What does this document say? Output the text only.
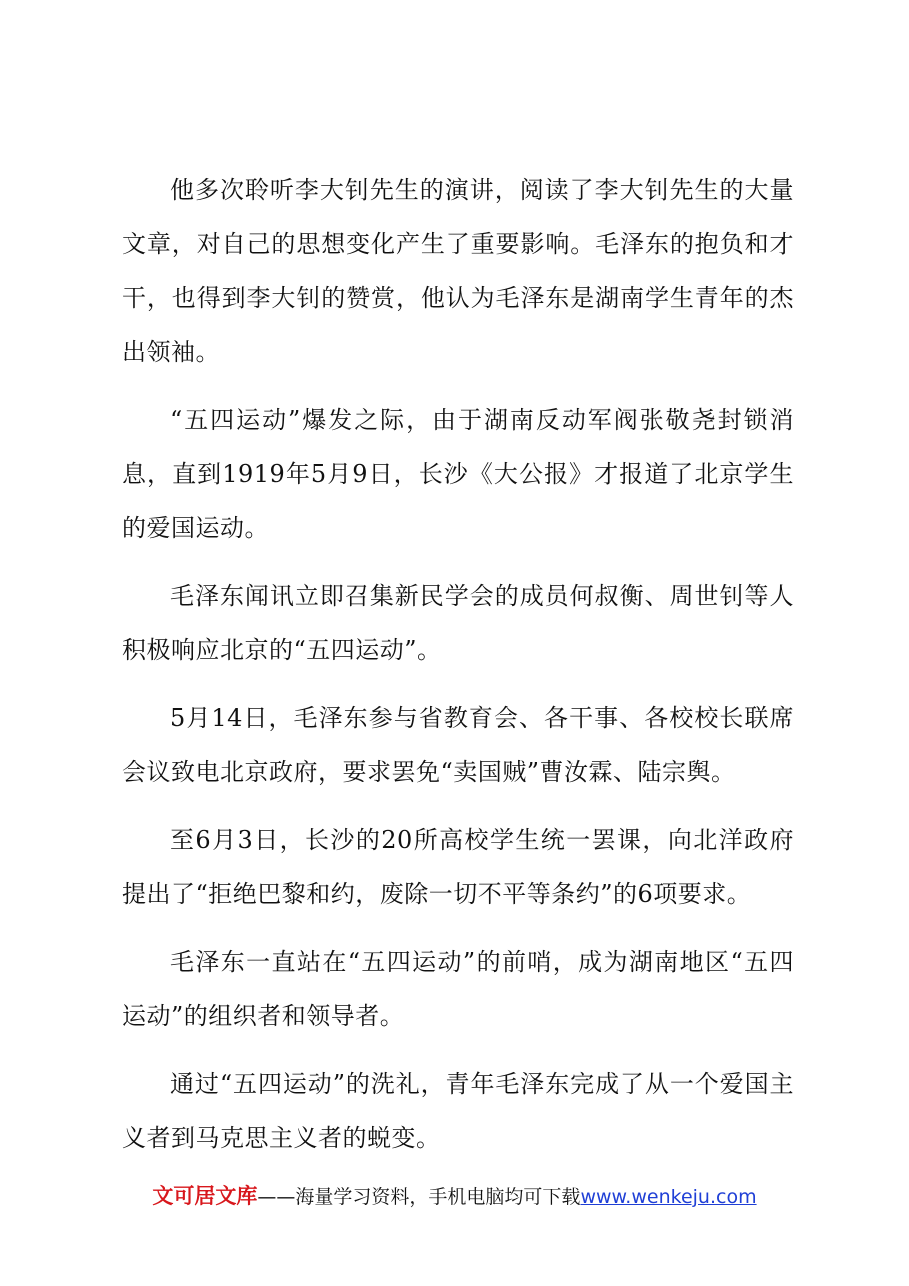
他多次聆听李大钊先生的演讲，阅读了李大钊先生的大量文章，对自己的思想变化产生了重要影响。毛泽东的抱负和才干，也得到李大钊的赞赏，他认为毛泽东是湖南学生青年的杰出领袖。

“五四运动”爆发之际，由于湖南反动军阀张敬尧封锁消息，直到1919年5月9日，长沙《大公报》才报道了北京学生的爱国运动。

毛泽东闻讯立即召集新民学会的成员何叔衡、周世钊等人积极响应北京的“五四运动”。

5月14日，毛泽东参与省教育会、各干事、各校校长联席会议致电北京政府，要求罢免“卖国贼”曹汝霖、陆宗舆。

至6月3日，长沙的20所高校学生统一罢课，向北洋政府提出了“拒绝巴黎和约，废除一切不平等条约”的6项要求。

毛泽东一直站在“五四运动”的前哨，成为湖南地区“五四运动”的组织者和领导者。

通过“五四运动”的洗礼，青年毛泽东完成了从一个爱国主义者到马克思主义者的蜕变。

文可居文库——海量学习资料，手机电脑均可下载www.wenkeju.com
